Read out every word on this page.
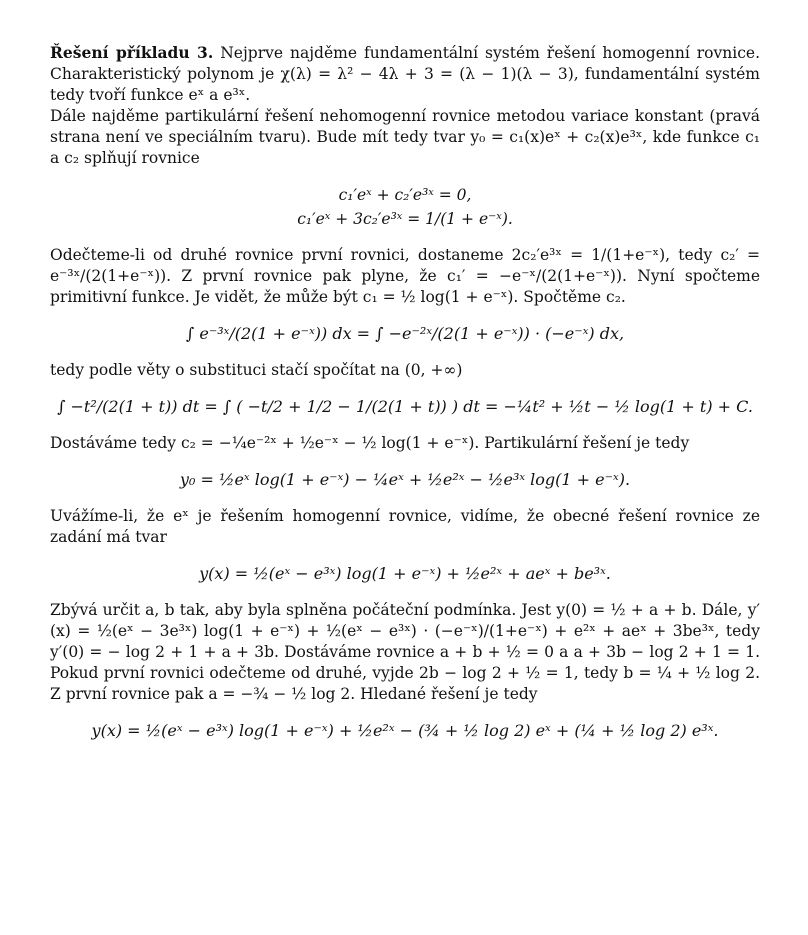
Řešení příkladu 3. Nejprve najděme fundamentální systém řešení homogenní rovnice. Charakteristický polynom je χ(λ) = λ² − 4λ + 3 = (λ − 1)(λ − 3), fundamentální systém tedy tvoří funkce eˣ a e³ˣ.

Dále najděme partikulární řešení nehomogenní rovnice metodou variace konstant (pravá strana není ve speciálním tvaru). Bude mít tedy tvar y₀ = c₁(x)eˣ + c₂(x)e³ˣ, kde funkce c₁ a c₂ splňují rovnice

c₁′eˣ + c₂′e³ˣ = 0,
c₁′eˣ + 3c₂′e³ˣ = 1/(1 + e⁻ˣ).

Odečteme-li od druhé rovnice první rovnici, dostaneme 2c₂′e³ˣ = 1/(1+e⁻ˣ), tedy c₂′ = e⁻³ˣ/(2(1+e⁻ˣ)). Z první rovnice pak plyne, že c₁′ = −e⁻ˣ/(2(1+e⁻ˣ)). Nyní spočteme primitivní funkce. Je vidět, že může být c₁ = ½ log(1 + e⁻ˣ). Spočtěme c₂.

∫ e⁻³ˣ/(2(1 + e⁻ˣ)) dx = ∫ −e⁻²ˣ/(2(1 + e⁻ˣ)) · (−e⁻ˣ) dx,

tedy podle věty o substituci stačí spočítat na (0, +∞)

∫ −t²/(2(1 + t)) dt = ∫ ( −t/2 + 1/2 − 1/(2(1 + t)) ) dt = −¼t² + ½t − ½ log(1 + t) + C.

Dostáváme tedy c₂ = −¼e⁻²ˣ + ½e⁻ˣ − ½ log(1 + e⁻ˣ). Partikulární řešení je tedy

y₀ = ½eˣ log(1 + e⁻ˣ) − ¼eˣ + ½e²ˣ − ½e³ˣ log(1 + e⁻ˣ).

Uvážíme-li, že eˣ je řešením homogenní rovnice, vidíme, že obecné řešení rovnice ze zadání má tvar

y(x) = ½(eˣ − e³ˣ) log(1 + e⁻ˣ) + ½e²ˣ + aeˣ + be³ˣ.

Zbývá určit a, b tak, aby byla splněna počáteční podmínka. Jest y(0) = ½ + a + b. Dále, y′(x) = ½(eˣ − 3e³ˣ) log(1 + e⁻ˣ) + ½(eˣ − e³ˣ) · (−e⁻ˣ)/(1+e⁻ˣ) + e²ˣ + aeˣ + 3be³ˣ, tedy y′(0) = − log 2 + 1 + a + 3b. Dostáváme rovnice a + b + ½ = 0 a a + 3b − log 2 + 1 = 1. Pokud první rovnici odečteme od druhé, vyjde 2b − log 2 + ½ = 1, tedy b = ¼ + ½ log 2. Z první rovnice pak a = −¾ − ½ log 2. Hledané řešení je tedy

y(x) = ½(eˣ − e³ˣ) log(1 + e⁻ˣ) + ½e²ˣ − (¾ + ½ log 2) eˣ + (¼ + ½ log 2) e³ˣ.
